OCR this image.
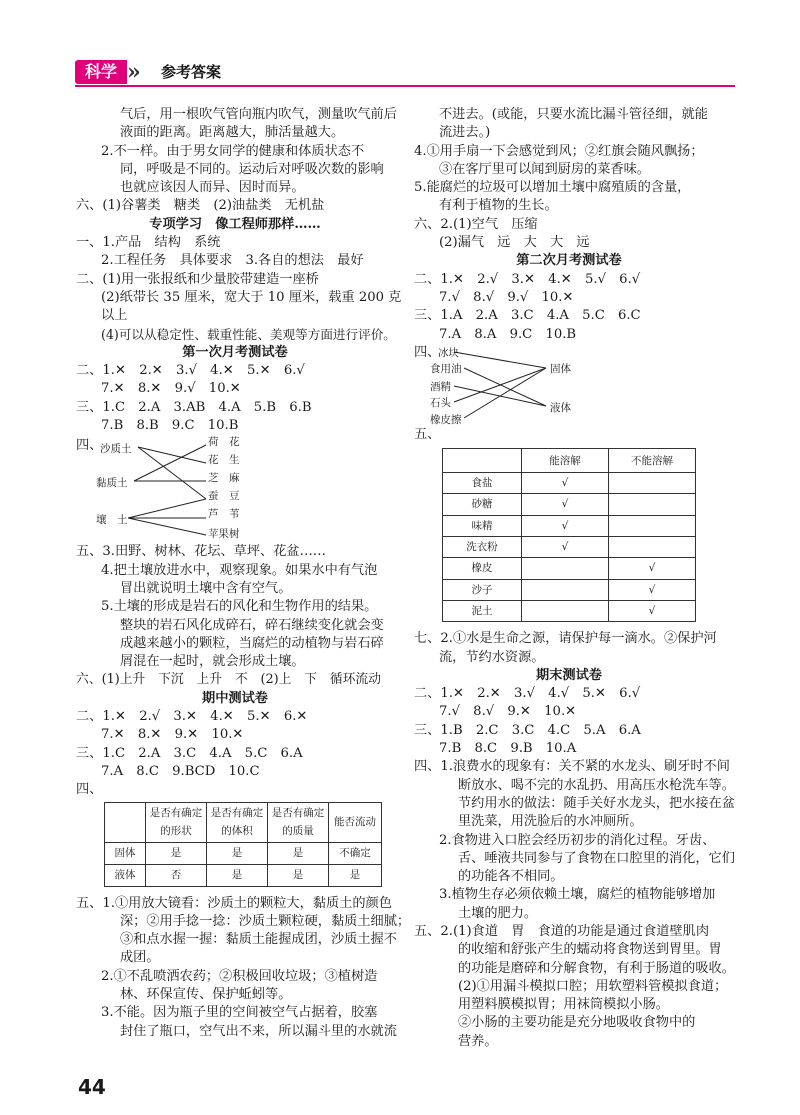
科学 »	参考答案
气后，用一根吹气管向瓶内吹气，测量吹气前后
液面的距离。距离越大，肺活量越大。
2.不一样。由于男女同学的健康和体质状态不
同，呼吸是不同的。运动后对呼吸次数的影响
也就应该因人而异、因时而异。
六、(1)谷薯类　糖类　(2)油盐类　无机盐
专项学习　像工程师那样……
一、1.产品　结构　系统
2.工程任务　具体要求　3.各自的想法　最好
二、(1)用一张报纸和少量胶带建造一座桥
(2)纸带长 35 厘米，宽大于 10 厘米，载重 200 克
以上
(4)可以从稳定性、载重性能、美观等方面进行评价。
第一次月考测试卷
二、1.✕　2.✕　3.√　4.✕　5.✕　6.√
7.✕　8.✕　9.√　10.✕
三、1.C　2.A　3.AB　4.A　5.B　6.B
7.B　8.B　9.C　10.B
四、
沙质土
黏质土
壤　土
荷　花
花　生
芝　麻
蚕　豆
芦　苇
苹果树
五、3.田野、树林、花坛、草坪、花盆……
4.把土壤放进水中，观察现象。如果水中有气泡
冒出就说明土壤中含有空气。
5.土壤的形成是岩石的风化和生物作用的结果。
整块的岩石风化成碎石，碎石继续变化就会变
成越来越小的颗粒，当腐烂的动植物与岩石碎
屑混在一起时，就会形成土壤。
六、(1)上升　下沉　上升　不　(2)上　下　循环流动
期中测试卷
二、1.✕　2.√　3.✕　4.✕　5.✕　6.✕
7.✕　8.✕　9.✕　10.✕
三、1.C　2.A　3.C　4.A　5.C　6.A
7.A　8.C　9.BCD　10.C
四、
	是否有确定的形状	是否有确定的体积	是否有确定的质量	能否流动
固体	是	是	是	不确定
液体	否	是	是	是
五、1.①用放大镜看：沙质土的颗粒大，黏质土的颜色
深；②用手捻一捻：沙质土颗粒硬，黏质土细腻；
③和点水握一握：黏质土能握成团，沙质土握不
成团。
2.①不乱喷洒农药；②积极回收垃圾；③植树造
林、环保宣传、保护蚯蚓等。
3.不能。因为瓶子里的空间被空气占据着，胶塞
封住了瓶口，空气出不来，所以漏斗里的水就流
不进去。(或能，只要水流比漏斗管径细，就能
流进去。)
4.①用手扇一下会感觉到风；②红旗会随风飘扬；
③在客厅里可以闻到厨房的菜香味。
5.能腐烂的垃圾可以增加土壤中腐殖质的含量，
有利于植物的生长。
六、2.(1)空气　压缩
(2)漏气　远　大　大　远
第二次月考测试卷
二、1.✕　2.√　3.✕　4.✕　5.√　6.√
7.√　8.√　9.√　10.✕
三、1.A　2.A　3.C　4.A　5.C　6.C
7.A　8.A　9.C　10.B
四、
冰块
食用油
酒精
石头
橡皮擦
固体
液体
五、
	能溶解	不能溶解
食盐	√	
砂糖	√	
味精	√	
洗衣粉	√	
橡皮		√
沙子		√
泥土		√
七、2.①水是生命之源，请保护每一滴水。②保护河
流，节约水资源。
期末测试卷
二、1.✕　2.✕　3.√　4.√　5.✕　6.√
7.√　8.√　9.✕　10.✕
三、1.B　2.C　3.C　4.C　5.A　6.A
7.B　8.C　9.B　10.A
四、1.浪费水的现象有：关不紧的水龙头、刷牙时不间
断放水、喝不完的水乱扔、用高压水枪洗车等。
节约用水的做法：随手关好水龙头，把水接在盆
里洗菜，用洗脸后的水冲厕所。
2.食物进入口腔会经历初步的消化过程。牙齿、
舌、唾液共同参与了食物在口腔里的消化，它们
的功能各不相同。
3.植物生存必须依赖土壤，腐烂的植物能够增加
土壤的肥力。
五、2.(1)食道　胃　食道的功能是通过食道壁肌肉
的收缩和舒张产生的蠕动将食物送到胃里。胃
的功能是磨碎和分解食物，有利于肠道的吸收。
(2)①用漏斗模拟口腔；用软塑料管模拟食道；
用塑料膜模拟胃；用袜筒模拟小肠。
②小肠的主要功能是充分地吸收食物中的
营养。
44
